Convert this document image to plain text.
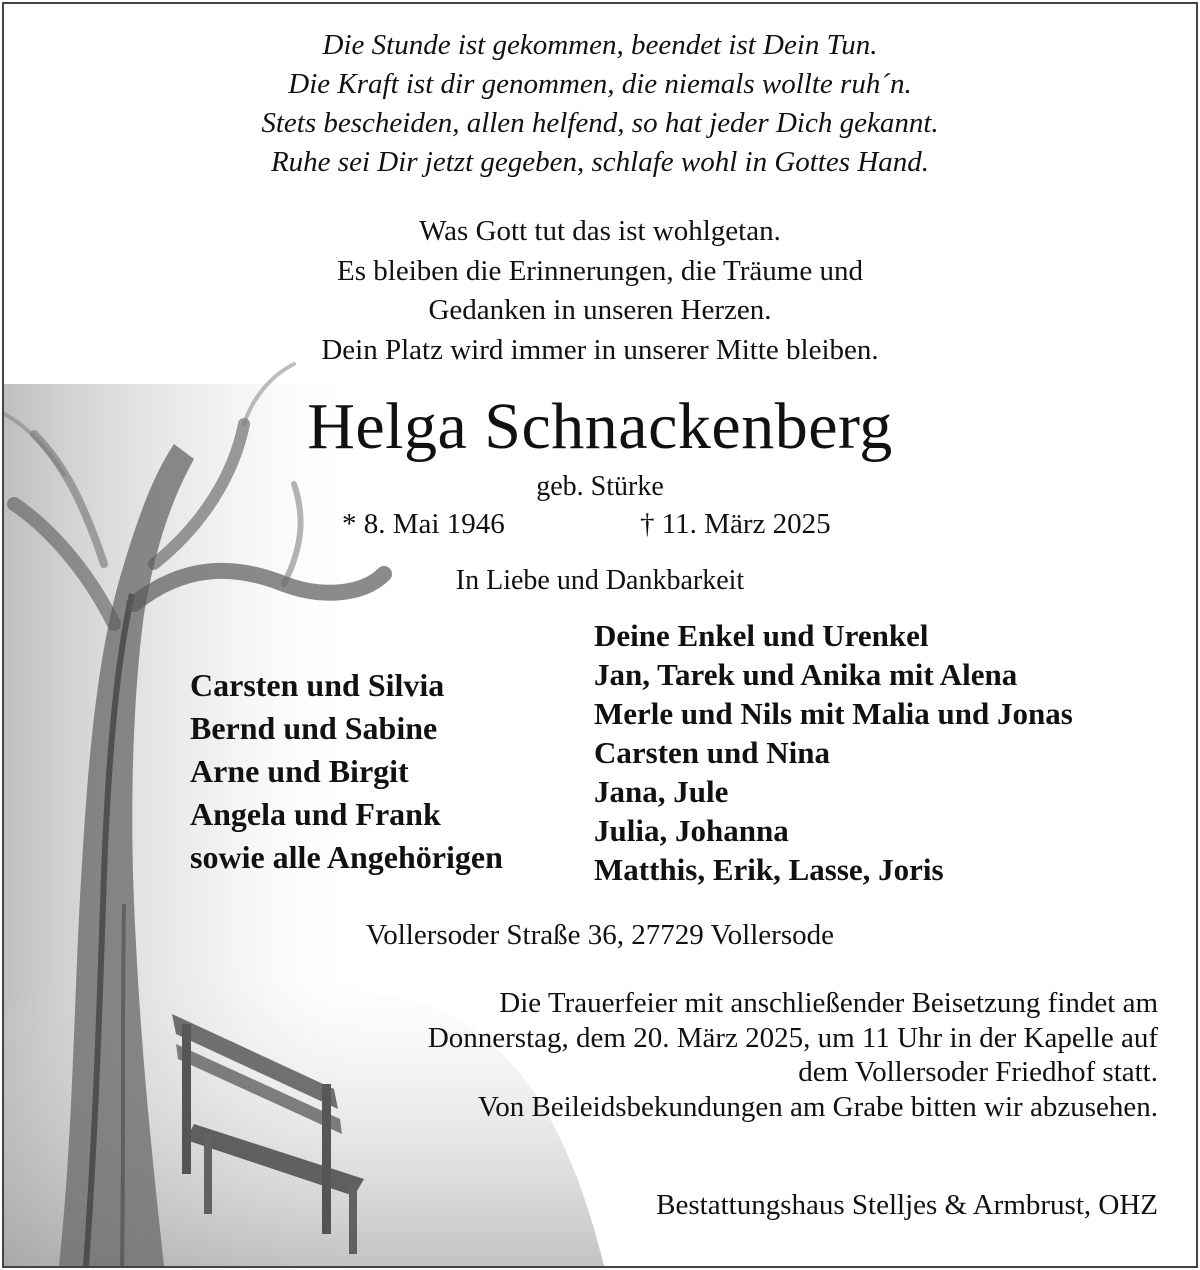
Die Stunde ist gekommen, beendet ist Dein Tun.
Die Kraft ist dir genommen, die niemals wollte ruh´n.
Stets bescheiden, allen helfend, so hat jeder Dich gekannt.
Ruhe sei Dir jetzt gegeben, schlafe wohl in Gottes Hand.
Was Gott tut das ist wohlgetan.
Es bleiben die Erinnerungen, die Träume und
Gedanken in unseren Herzen.
Dein Platz wird immer in unserer Mitte bleiben.
Helga Schnackenberg
geb. Stürke
* 8. Mai 1946	† 11. März 2025
In Liebe und Dankbarkeit
Carsten und Silvia
Bernd und Sabine
Arne und Birgit
Angela und Frank
sowie alle Angehörigen
Deine Enkel und Urenkel
Jan, Tarek und Anika mit Alena
Merle und Nils mit Malia und Jonas
Carsten und Nina
Jana, Jule
Julia, Johanna
Matthis, Erik, Lasse, Joris
Vollersoder Straße 36, 27729 Vollersode
Die Trauerfeier mit anschließender Beisetzung findet am
Donnerstag, dem 20. März 2025, um 11 Uhr in der Kapelle auf
dem Vollersoder Friedhof statt.
Von Beileidsbekundungen am Grabe bitten wir abzusehen.
Bestattungshaus Stelljes & Armbrust, OHZ
